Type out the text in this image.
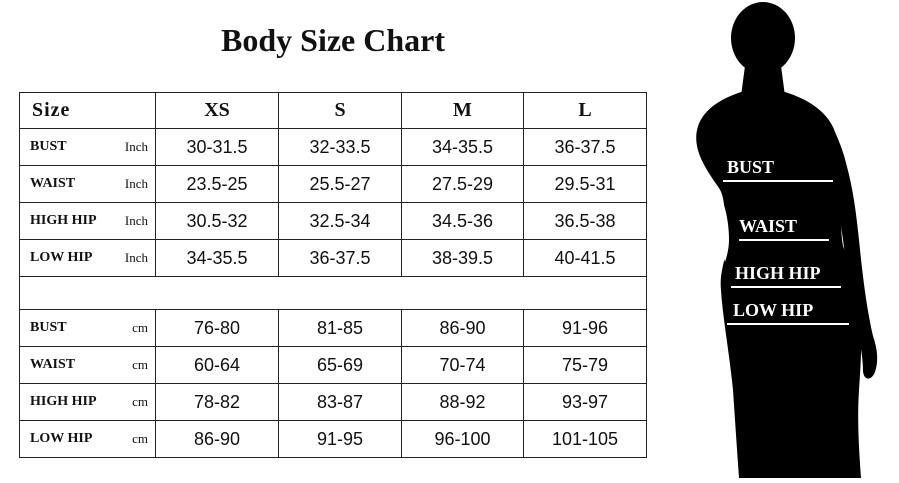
Body Size Chart
Size	XS	S	M	L

BUST Inch	30-31.5	32-33.5	34-35.5	36-37.5

WAIST Inch	23.5-25	25.5-27	27.5-29	29.5-31

HIGH HIP Inch	30.5-32	32.5-34	34.5-36	36.5-38

LOW HIP Inch	34-35.5	36-37.5	38-39.5	40-41.5

BUST cm	76-80	81-85	86-90	91-96

WAIST cm	60-64	65-69	70-74	75-79

HIGH HIP cm	78-82	83-87	88-92	93-97

LOW HIP cm	86-90	91-95	96-100	101-105
BUST
WAIST
HIGH HIP
LOW HIP
